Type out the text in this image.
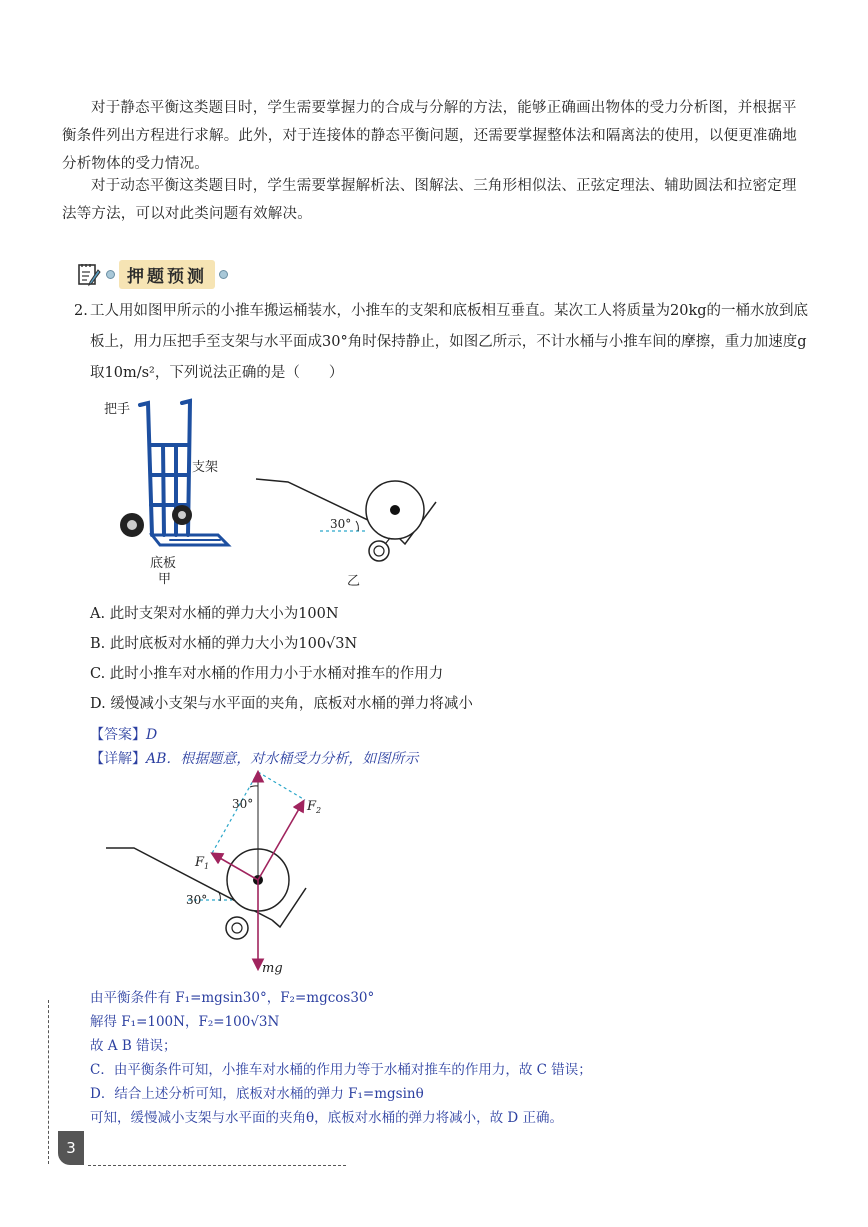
对于静态平衡这类题目时，学生需要掌握力的合成与分解的方法，能够正确画出物体的受力分析图，并根据平衡条件列出方程进行求解。此外，对于连接体的静态平衡问题，还需要掌握整体法和隔离法的使用，以便更准确地分析物体的受力情况。

对于动态平衡这类题目时，学生需要掌握解析法、图解法、三角形相似法、正弦定理法、辅助圆法和拉密定理法等方法，可以对此类问题有效解决。

押题预测
2. 工人用如图甲所示的小推车搬运桶装水，小推车的支架和底板相互垂直。某次工人将质量为20kg的一桶水放到底板上，用力压把手至支架与水平面成30°角时保持静止，如图乙所示，不计水桶与小推车间的摩擦，重力加速度g取10m/s²，下列说法正确的是（　　）
把手
支架
底板
甲
30°
乙
A. 此时支架对水桶的弹力大小为100N
B. 此时底板对水桶的弹力大小为100√3N
C. 此时小推车对水桶的作用力小于水桶对推车的作用力
D. 缓慢减小支架与水平面的夹角，底板对水桶的弹力将减小
【答案】D
【详解】AB．根据题意，对水桶受力分析，如图所示
30°	$F_2$
$F_1$
mg
30°
由平衡条件有 F₁=mgsin30°，F₂=mgcos30°
解得 F₁=100N，F₂=100√3N
故 A B 错误；
C．由平衡条件可知，小推车对水桶的作用力等于水桶对推车的作用力，故 C 错误；
D．结合上述分析可知，底板对水桶的弹力 F₁=mgsinθ
可知，缓慢减小支架与水平面的夹角θ，底板对水桶的弹力将减小，故 D 正确。
3
